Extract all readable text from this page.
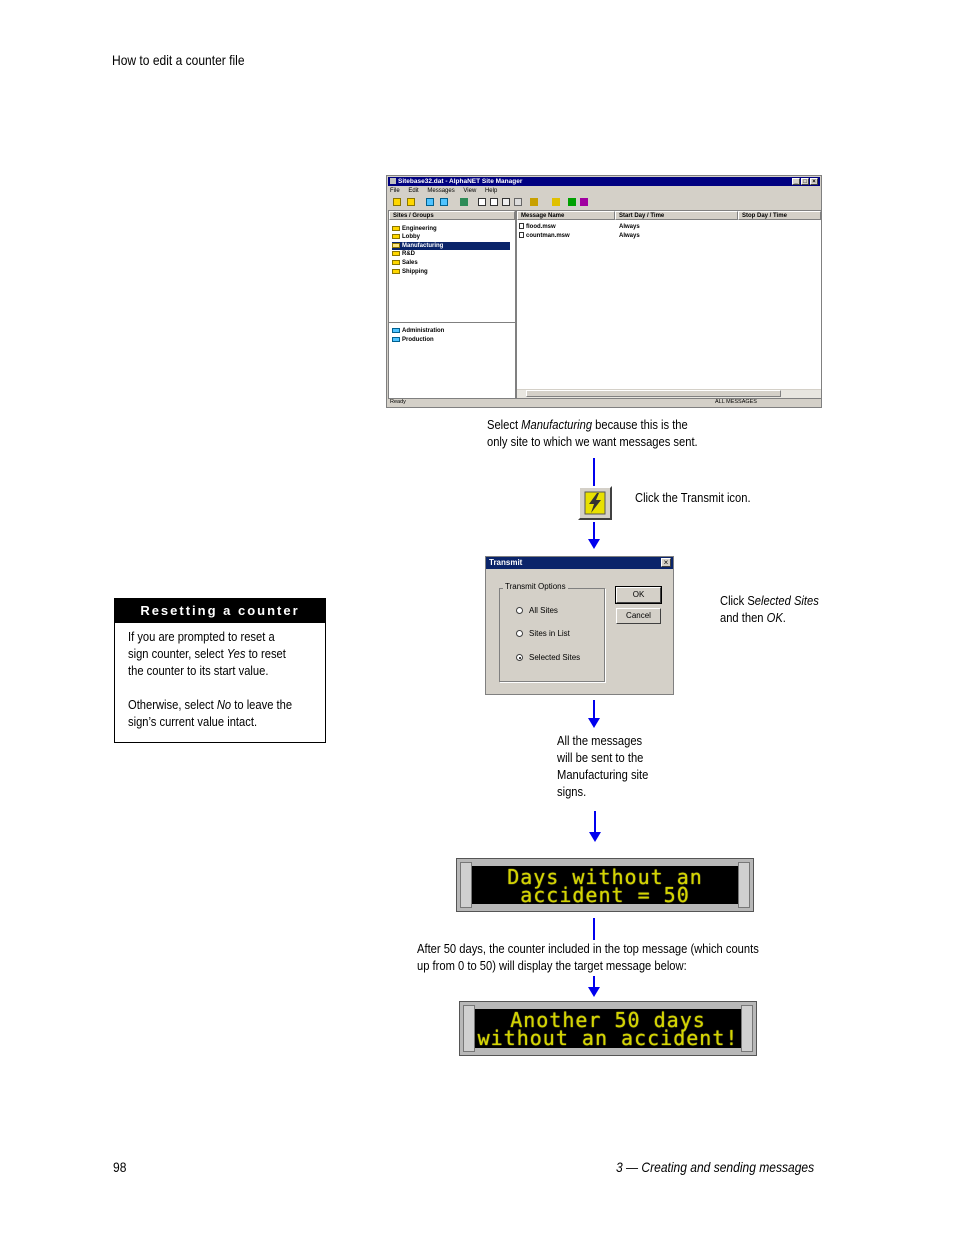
How to edit a counter file
Sitebase32.dat - AlphaNET Site Manager	_ □ ×
File Edit Messages View Help
Sites / Groups
Engineering
Lobby
Manufacturing
R&D
Sales
Shipping
Administration
Production
Message Name	Start Day / Time	Stop Day / Time
flood.msw	Always
countman.msw	Always
Ready	ALL MESSAGES
Select Manufacturing because this is the
only site to which we want messages sent.
Click the Transmit icon.
Transmit	×
Transmit Options
All Sites
Sites in List
Selected Sites
OK
Cancel
Click Selected Sites
and then OK.
All the messages
will be sent to the
Manufacturing site
signs.
Days without an
accident = 50
After 50 days, the counter included in the top message (which counts
up from 0 to 50) will display the target message below:
Another 50 days
without an accident!
Resetting a counter
If you are prompted to reset a
sign counter, select Yes to reset
the counter to its start value.
Otherwise, select No to leave the
sign’s current value intact.
98	3 — Creating and sending messages
